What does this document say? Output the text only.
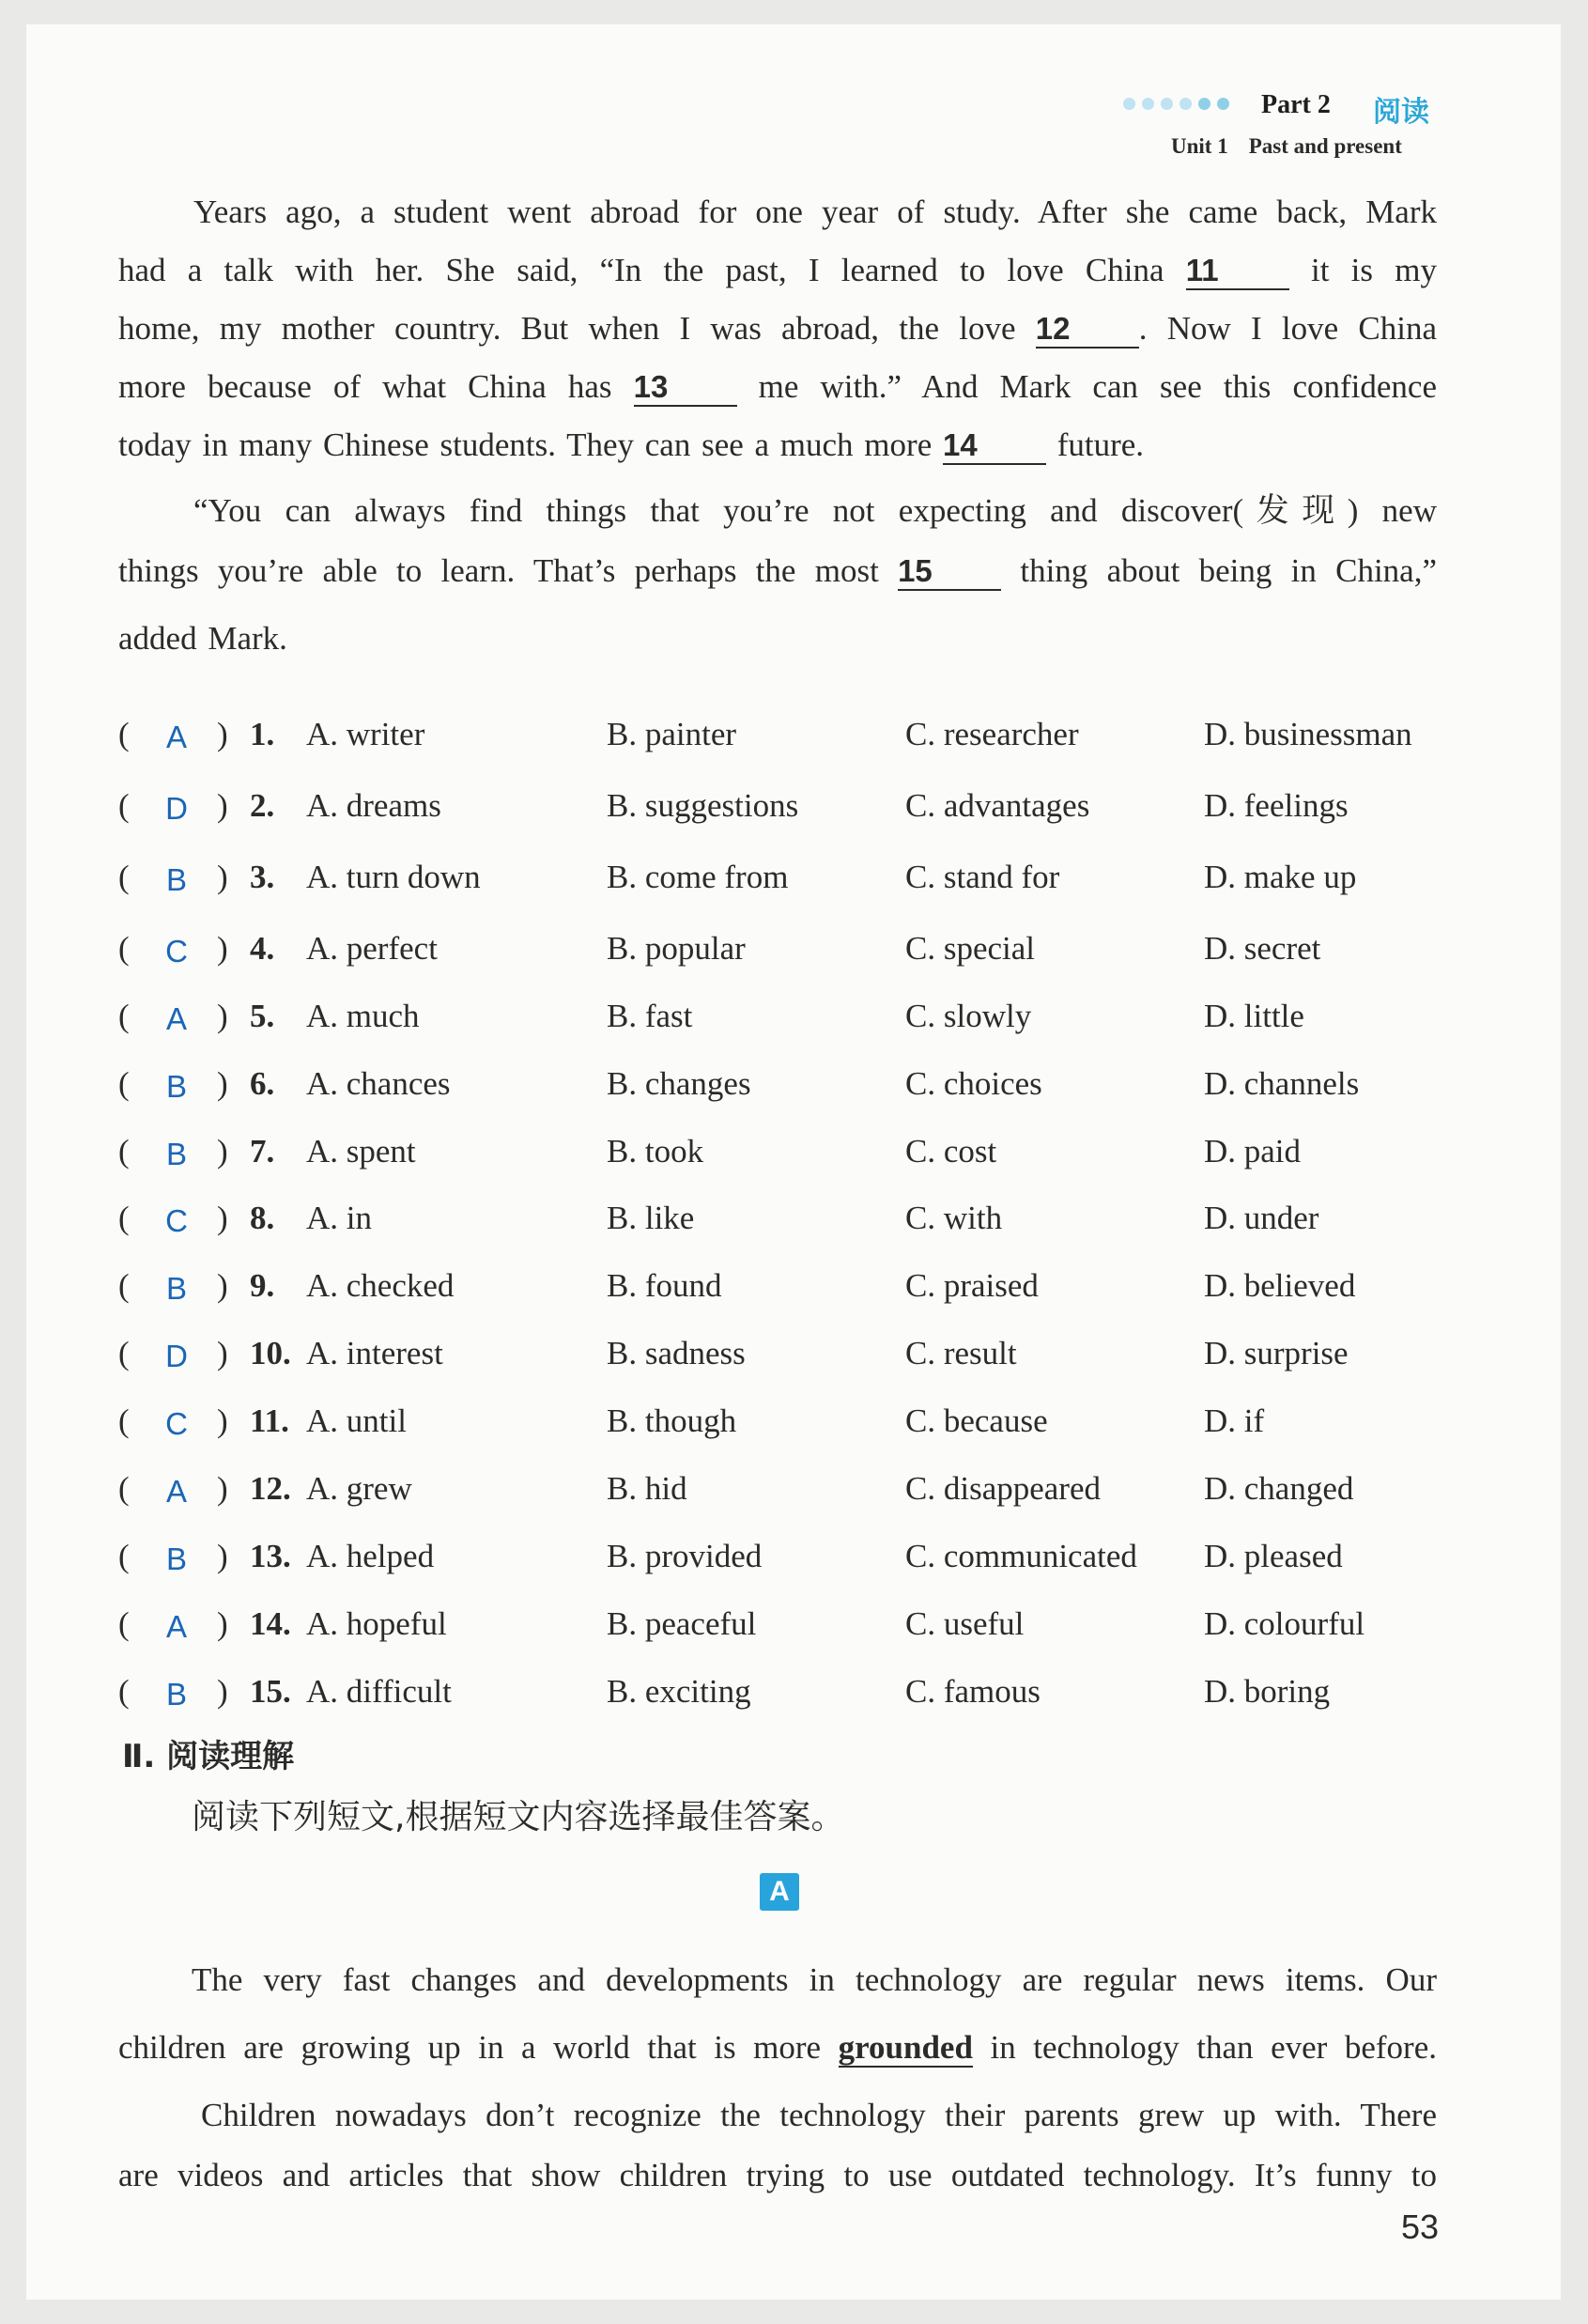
Part 2 阅读
Unit 1 Past and present
Years ago, a student went abroad for one year of study. After she came back, Mark
had a talk with her. She said, “In the past, I learned to love China 11 it is my
home, my mother country. But when I was abroad, the love 12 . Now I love China
more because of what China has 13 me with.” And Mark can see this confidence
today in many Chinese students. They can see a much more 14 future.
“You can always find things that you’re not expecting and discover(发现) new
things you’re able to learn. That’s perhaps the most 15 thing about being in China,”
added Mark.
( A ) 1. A. writer	B. painter	C. researcher	D. businessman
( D ) 2. A. dreams	B. suggestions	C. advantages	D. feelings
( B ) 3. A. turn down	B. come from	C. stand for	D. make up
( C ) 4. A. perfect	B. popular	C. special	D. secret
( A ) 5. A. much	B. fast	C. slowly	D. little
( B ) 6. A. chances	B. changes	C. choices	D. channels
( B ) 7. A. spent	B. took	C. cost	D. paid
( C ) 8. A. in	B. like	C. with	D. under
( B ) 9. A. checked	B. found	C. praised	D. believed
( D ) 10. A. interest	B. sadness	C. result	D. surprise
( C ) 11. A. until	B. though	C. because	D. if
( A ) 12. A. grew	B. hid	C. disappeared	D. changed
( B ) 13. A. helped	B. provided	C. communicated D. pleased
( A ) 14. A. hopeful	B. peaceful	C. useful	D. colourful
( B ) 15. A. difficult	B. exciting	C. famous	D. boring
Ⅱ. 阅读理解
阅读下列短文,根据短文内容选择最佳答案。
A
The very fast changes and developments in technology are regular news items. Our
children are growing up in a world that is more grounded in technology than ever before.
Children nowadays don’t recognize the technology their parents grew up with. There
are videos and articles that show children trying to use outdated technology. It’s funny to
53
